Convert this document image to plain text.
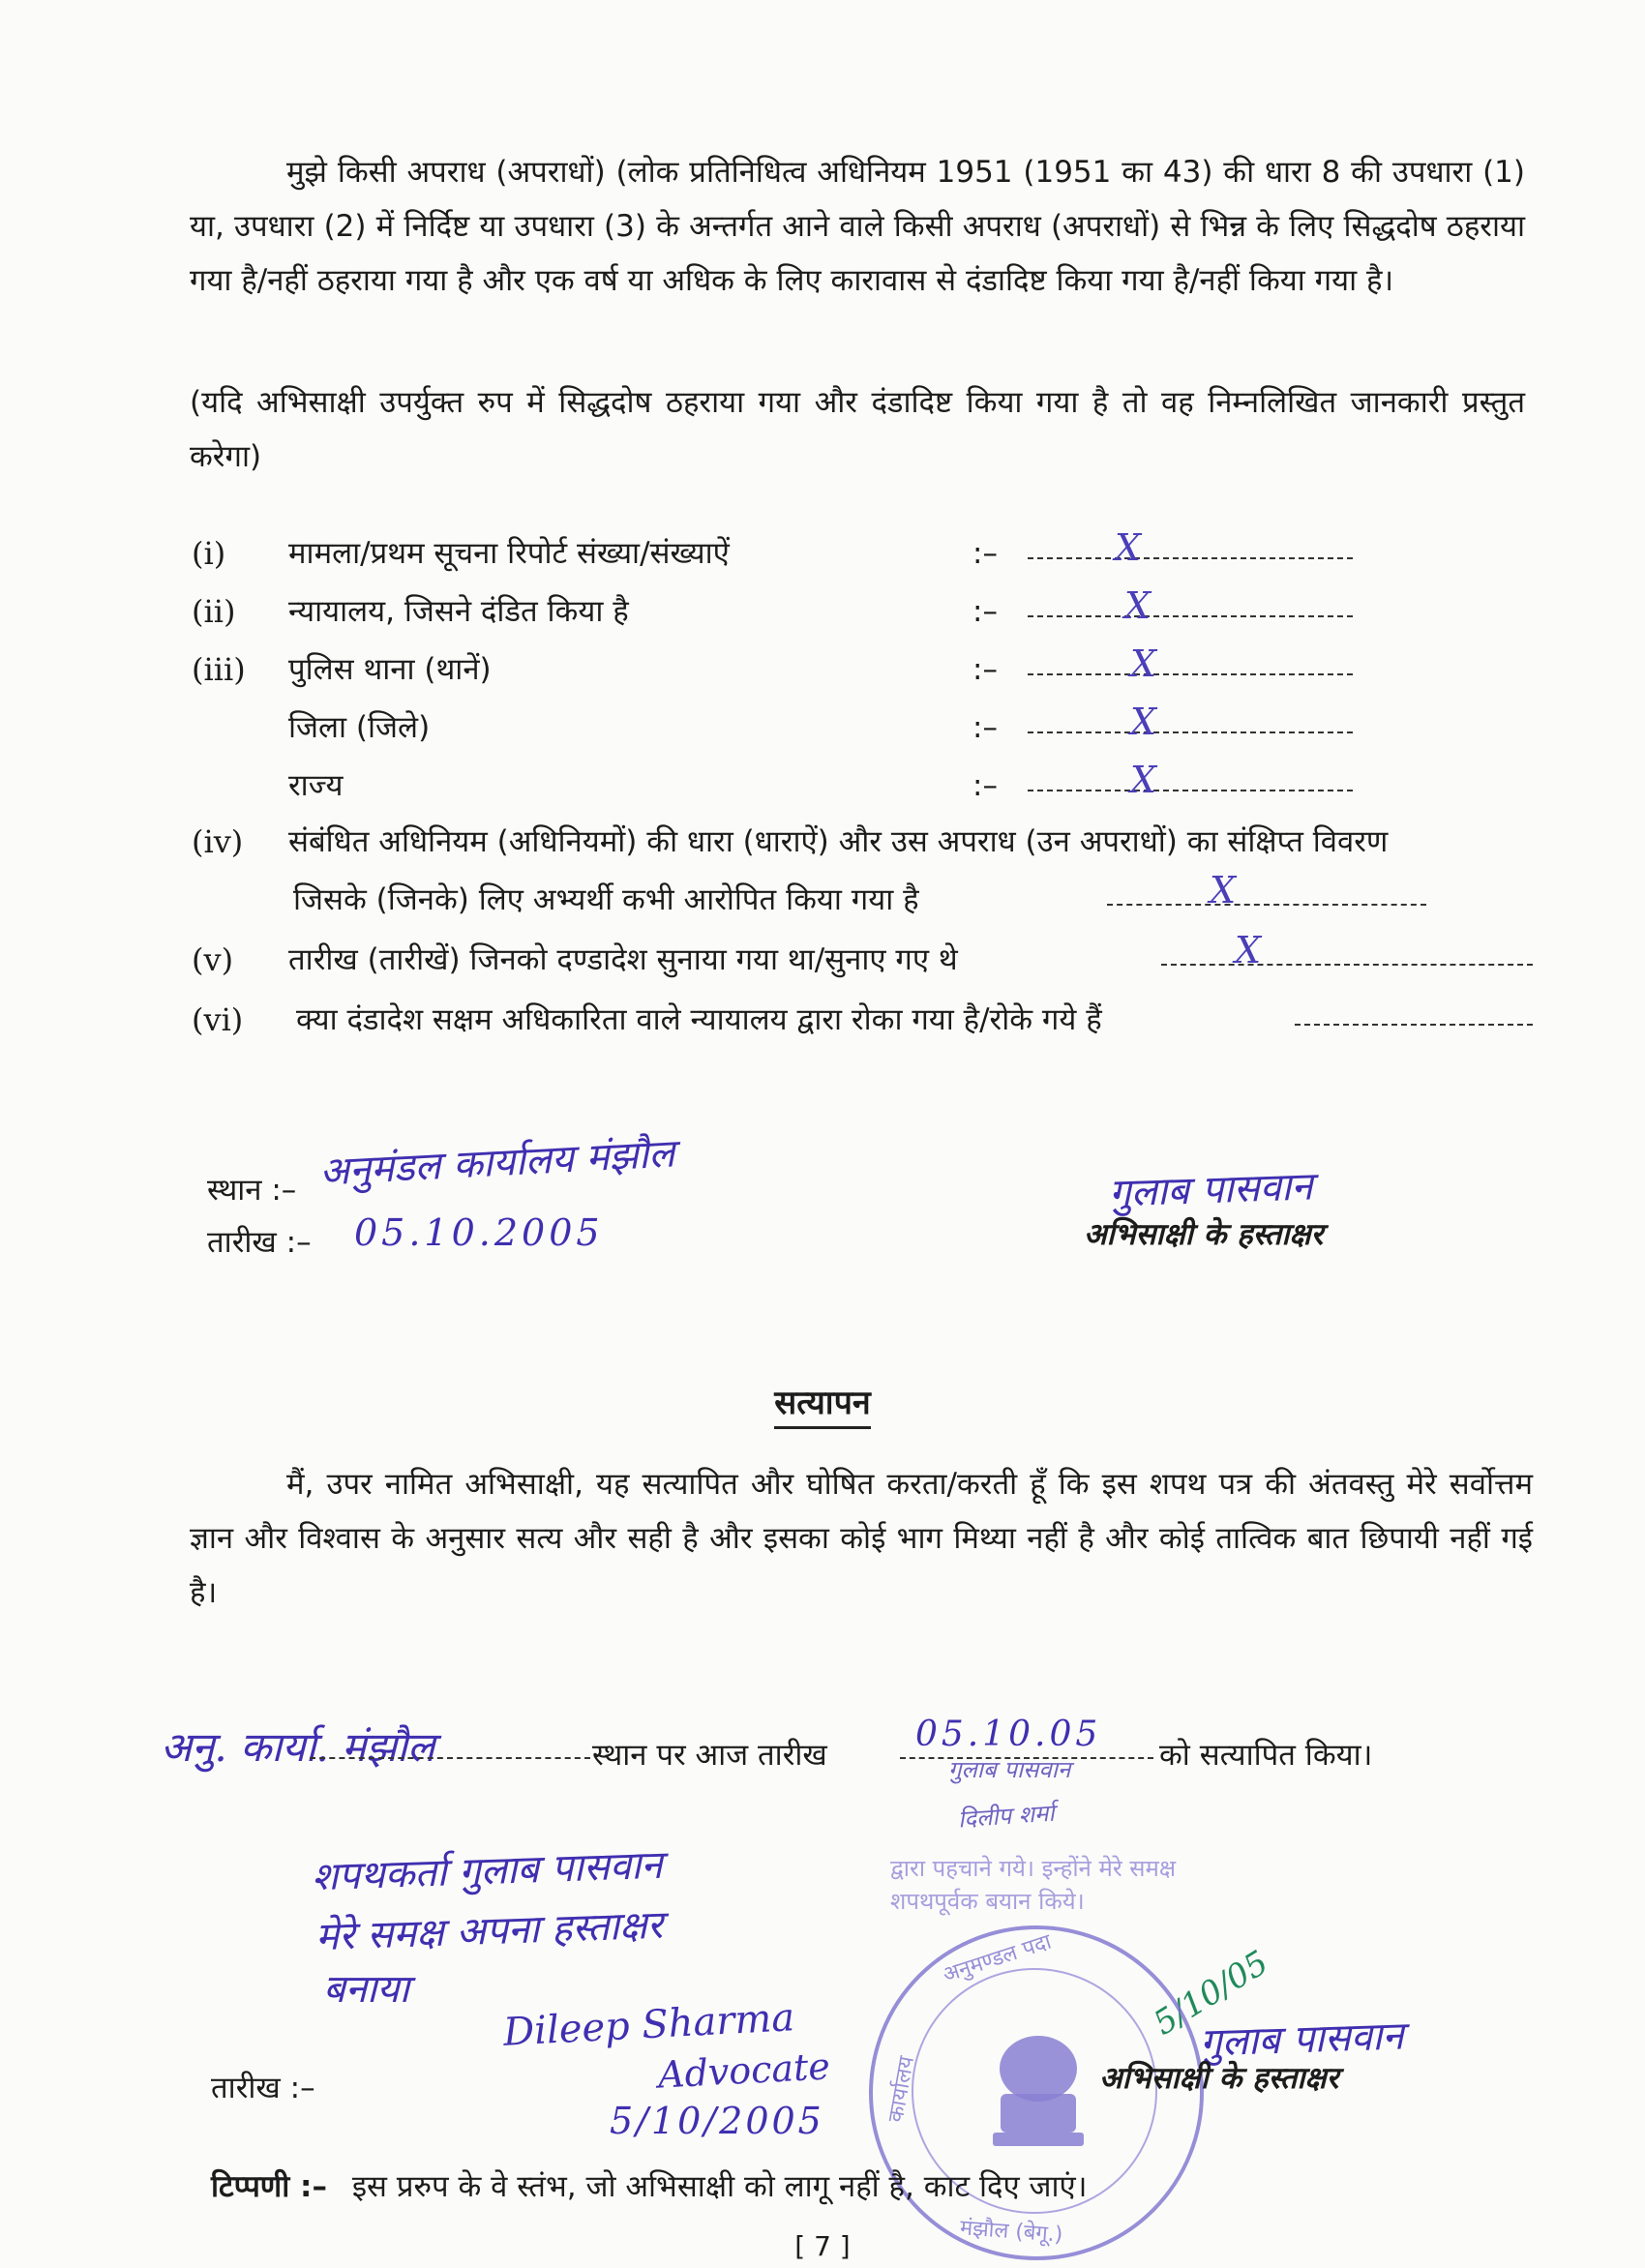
मुझे किसी अपराध (अपराधों) (लोक प्रतिनिधित्व अधिनियम 1951 (1951 का 43) की धारा 8 की उपधारा (1) या, उपधारा (2) में निर्दिष्ट या उपधारा (3) के अन्तर्गत आने वाले किसी अपराध (अपराधों) से भिन्न के लिए सिद्धदोष ठहराया गया है/नहीं ठहराया गया है और एक वर्ष या अधिक के लिए कारावास से दंडादिष्ट किया गया है/नहीं किया गया है।
(यदि अभिसाक्षी उपर्युक्त रुप में सिद्धदोष ठहराया गया और दंडादिष्ट किया गया है तो वह निम्नलिखित जानकारी प्रस्तुत करेगा)
(i)	मामला/प्रथम सूचना रिपोर्ट संख्या/संख्याऐं	:–	X
(ii)	न्यायालय, जिसने दंडित किया है	:–	X
(iii)	पुलिस थाना (थानें)	:–	X
जिला (जिले)	:–	X
राज्य	:–	X
(iv)	संबंधित अधिनियम (अधिनियमों) की धारा (धाराऐं) और उस अपराध (उन अपराधों) का संक्षिप्त विवरण
जिसके (जिनके) लिए अभ्यर्थी कभी आरोपित किया गया है	X
(v)	तारीख (तारीखें) जिनको दण्डादेश सुनाया गया था/सुनाए गए थे	X
(vi)	क्या दंडादेश सक्षम अधिकारिता वाले न्यायालय द्वारा रोका गया है/रोके गये हैं
स्थान :– अनुमंडल कार्यालय मंझौल
तारीख :– 05.10.2005
गुलाब पासवान
अभिसाक्षी के हस्ताक्षर
सत्यापन
मैं, उपर नामित अभिसाक्षी, यह सत्यापित और घोषित करता/करती हूँ कि इस शपथ पत्र की अंतवस्तु मेरे सर्वोत्तम ज्ञान और विश्वास के अनुसार सत्य और सही है और इसका कोई भाग मिथ्या नहीं है और कोई तात्विक बात छिपायी नहीं गई है।
अनु. कार्या. मंझौल	स्थान पर आज तारीख	को सत्यापित किया।
05.10.05
गुलाब पासवान
दिलीप शर्मा
द्वारा पहचाने गये। इन्होंने मेरे समक्ष
शपथपूर्वक बयान किये।
शपथकर्ता गुलाब पासवान
मेरे समक्ष अपना हस्ताक्षर
बनाया
Dileep Sharma
Advocate
5/10/2005
5/10/05
अनुमण्डल पदा
कार्यालय
मंझौल (बेगू.)
तारीख :–
गुलाब पासवान
अभिसाक्षी के हस्ताक्षर
टिप्पणी :– इस प्ररुप के वे स्तंभ, जो अभिसाक्षी को लागू नहीं है, काट दिए जाएं।
[ 7 ]
